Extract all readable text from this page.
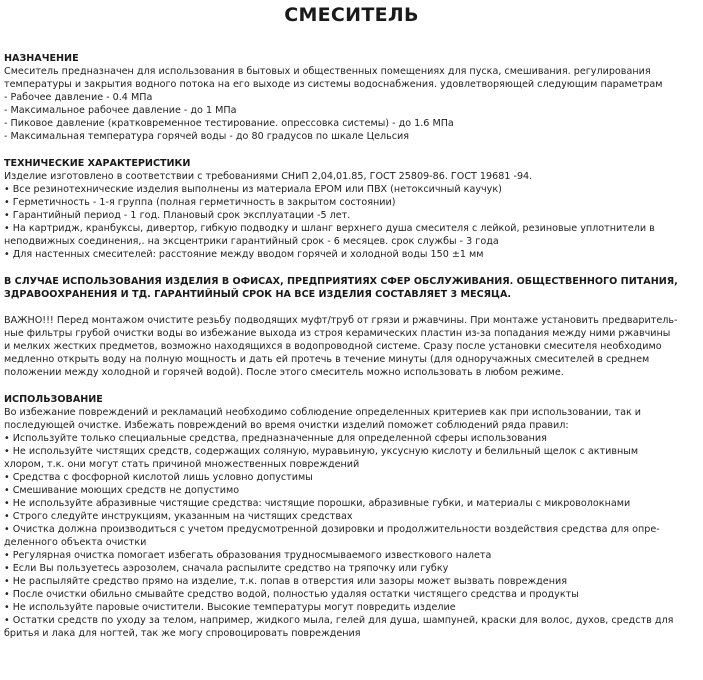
СМЕСИТЕЛЬ
НАЗНАЧЕНИЕ
Смеситель предназначен для использования в бытовых и общественных помещениях для пуска, смешивания. регулирования
температуры и закрытия водного потока на его выходе из системы водоснабжения. удовлетворяющей следующим параметрам
- Рабочее давление - 0.4 МПа
- Максимальное рабочее давление - до 1 МПа
- Пиковое давление (кратковременное тестирование. опрессовка системы) - до 1.6 МПа
- Максимальная температура горячей воды - до 80 градусов по шкале Цельсия
ТЕХНИЧЕСКИЕ ХАРАКТЕРИСТИКИ
Изделие изготовлено в соответствии с требованиями СНиП 2,04,01.85, ГОСТ 25809-86. ГОСТ 19681 -94.
• Все резинотехнические изделия выполнены из материала ЕРОМ или ПВХ (нетоксичный каучук)
• Герметичность - 1-я группа (полная герметичность в закрытом состоянии)
• Гарантийный период - 1 год. Плановый срок эксплуатации -5 лет.
• На картридж, кранбуксы, дивертор, гибкую подводку и шланг верхнего душа смесителя с лейкой, резиновые уплотнители в
неподвижных соединения,. на эксцентрики гарантийный срок - 6 месяцев. срок службы - 3 года
• Для настенных смесителей: расстояние между вводом горячей и холодной воды 150 ±1 мм
В СЛУЧАЕ ИСПОЛЬЗОВАНИЯ ИЗДЕЛИЯ В ОФИСАХ, ПРЕДПРИЯТИЯХ СФЕР ОБСЛУЖИВАНИЯ. ОБЩЕСТВЕННОГО ПИТАНИЯ,
ЗДРАВООХРАНЕНИЯ И ТД. ГАРАНТИЙНЫЙ СРОК НА ВСЕ ИЗДЕЛИЯ СОСТАВЛЯЕТ 3 МЕСЯЦА.
ВАЖНО!!! Перед монтажом очистите резьбу подводящих муфт/труб от грязи и ржавчины. При монтаже установить предваритель-
ные фильтры грубой очистки воды во избежание выхода из строя керамических пластин из-за попадания между ними ржавчины
и мелких жестких предметов, возможно находящихся в водопроводной системе. Сразу после установки смесителя необходимо
медленно открыть воду на полную мощность и дать ей протечь в течение минуты (для одноручажных смесителей в среднем
положении между холодной и горячей водой). После этого смеситель можно использовать в любом режиме.
ИСПОЛЬЗОВАНИЕ
Во избежание повреждений и рекламаций необходимо соблюдение определенных критериев как при использовании, так и
последующей очистке. Избежать повреждений во время очистки изделий поможет соблюдений ряда правил:
• Используйте только специальные средства, предназначенные для определенной сферы использования
• Не используйте чистящих средств, содержащих соляную, муравьиную, уксусную кислоту и белильный щелок с активным
хлором, т.к. они могут стать причиной множественных повреждений
• Средства с фосфорной кислотой лишь условно допустимы
• Смешивание моющих средств не допустимо
• Не используйте абразивные чистящие средства: чистящие порошки, абразивные губки, и материалы с микроволокнами
• Строго следуйте инструкциям, указанным на чистящих средствах
• Очистка должна производиться с учетом предусмотренной дозировки и продолжительности воздействия средства для опре-
деленного объекта очистки
• Регулярная очистка помогает избегать образования трудносмываемого известкового налета
• Если Вы пользуетесь аэрозолем, сначала распылите средство на тряпочку или губку
• Не распыляйте средство прямо на изделие, т.к. попав в отверстия или зазоры может вызвать повреждения
• После очистки обильно смывайте средство водой, полностью удаляя остатки чистящего средства и продукты
• Не используйте паровые очистители. Высокие температуры могут повредить изделие
• Остатки средств по уходу за телом, например, жидкого мыла, гелей для душа, шампуней, краски для волос, духов, средств для
бритья и лака для ногтей, так же могу спровоцировать повреждения
